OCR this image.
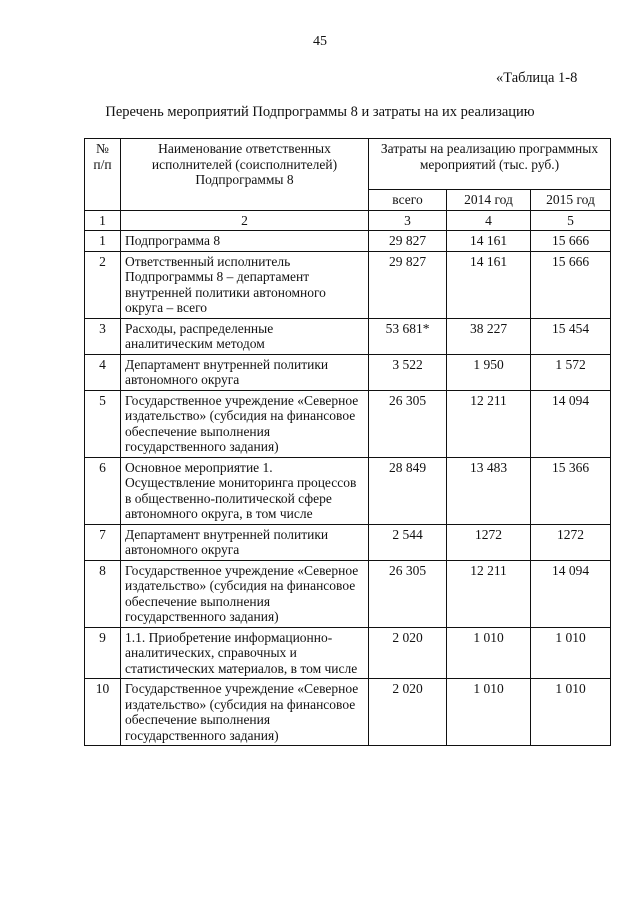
45
«Таблица 1-8
Перечень мероприятий Подпрограммы 8 и затраты на их реализацию
№ п/п	Наименование ответственных исполнителей (соисполнителей) Подпрограммы 8	Затраты на реализацию программных мероприятий (тыс. руб.)		
		всего	2014 год	2015 год
1	2	3	4	5
1	Подпрограмма 8	29 827	14 161	15 666
2	Ответственный исполнитель Подпрограммы 8 – департамент внутренней политики автономного округа – всего	29 827	14 161	15 666
3	Расходы, распределенные аналитическим методом	53 681*	38 227	15 454
4	Департамент внутренней политики автономного округа	3 522	1 950	1 572
5	Государственное учреждение «Северное издательство» (субсидия на финансовое обеспечение выполнения государственного задания)	26 305	12 211	14 094
6	Основное мероприятие 1. Осуществление мониторинга процессов в общественно-политической сфере автономного округа, в том числе	28 849	13 483	15 366
7	Департамент внутренней политики автономного округа	2 544	1272	1272
8	Государственное учреждение «Северное издательство» (субсидия на финансовое обеспечение выполнения государственного задания)	26 305	12 211	14 094
9	1.1. Приобретение информационно-аналитических, справочных и статистических материалов, в том числе	2 020	1 010	1 010
10	Государственное учреждение «Северное издательство» (субсидия на финансовое обеспечение выполнения государственного задания)	2 020	1 010	1 010
